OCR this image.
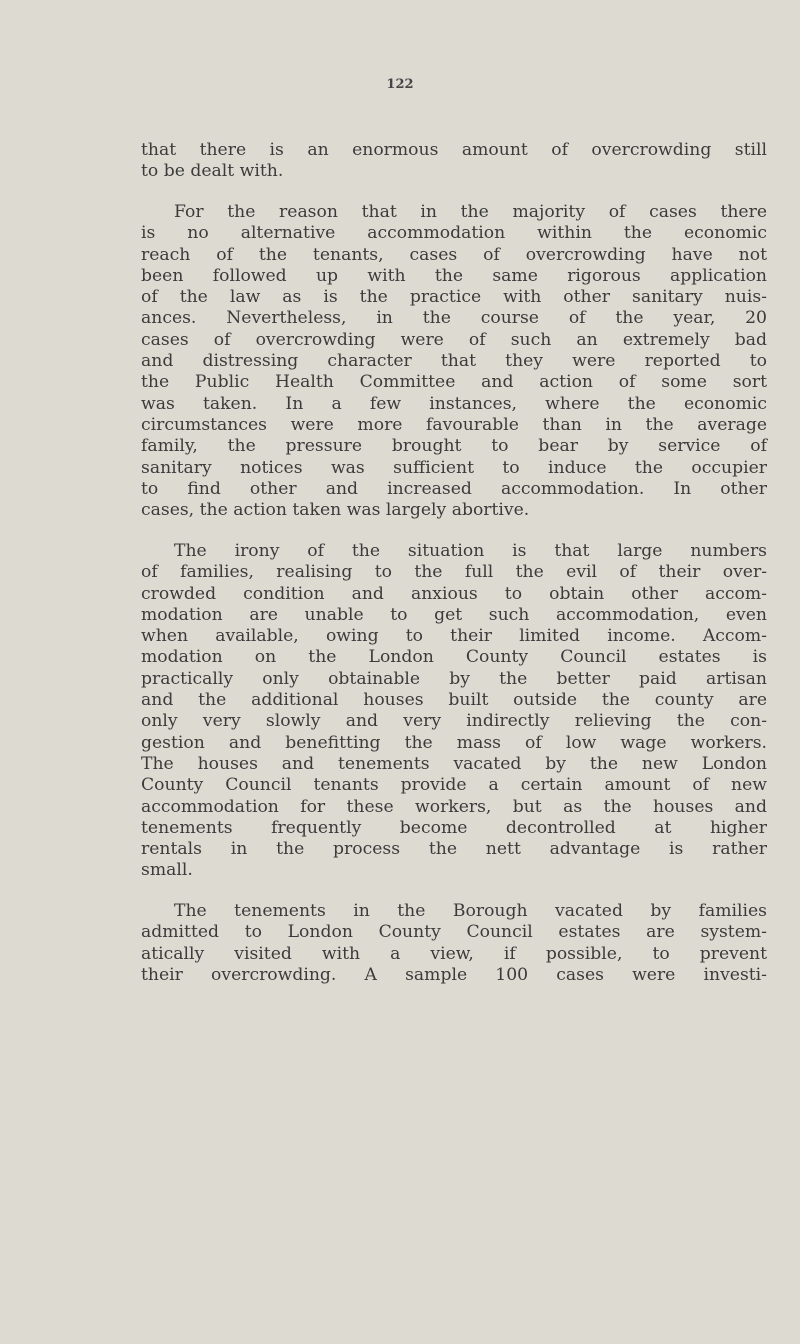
122
that there is an enormous amount of overcrowding still
to be dealt with.
For the reason that in the majority of cases there
is no alternative accommodation within the economic
reach of the tenants, cases of overcrowding have not
been followed up with the same rigorous application
of the law as is the practice with other sanitary nuis-
ances. Nevertheless, in the course of the year, 20
cases of overcrowding were of such an extremely bad
and distressing character that they were reported to
the Public Health Committee and action of some sort
was taken. In a few instances, where the economic
circumstances were more favourable than in the average
family, the pressure brought to bear by service of
sanitary notices was sufficient to induce the occupier
to find other and increased accommodation. In other
cases, the action taken was largely abortive.
The irony of the situation is that large numbers
of families, realising to the full the evil of their over-
crowded condition and anxious to obtain other accom-
modation are unable to get such accommodation, even
when available, owing to their limited income. Accom-
modation on the London County Council estates is
practically only obtainable by the better paid artisan
and the additional houses built outside the county are
only very slowly and very indirectly relieving the con-
gestion and benefitting the mass of low wage workers.
The houses and tenements vacated by the new London
County Council tenants provide a certain amount of new
accommodation for these workers, but as the houses and
tenements frequently become decontrolled at higher
rentals in the process the nett advantage is rather
small.
The tenements in the Borough vacated by families
admitted to London County Council estates are system-
atically visited with a view, if possible, to prevent
their overcrowding. A sample 100 cases were investi-
